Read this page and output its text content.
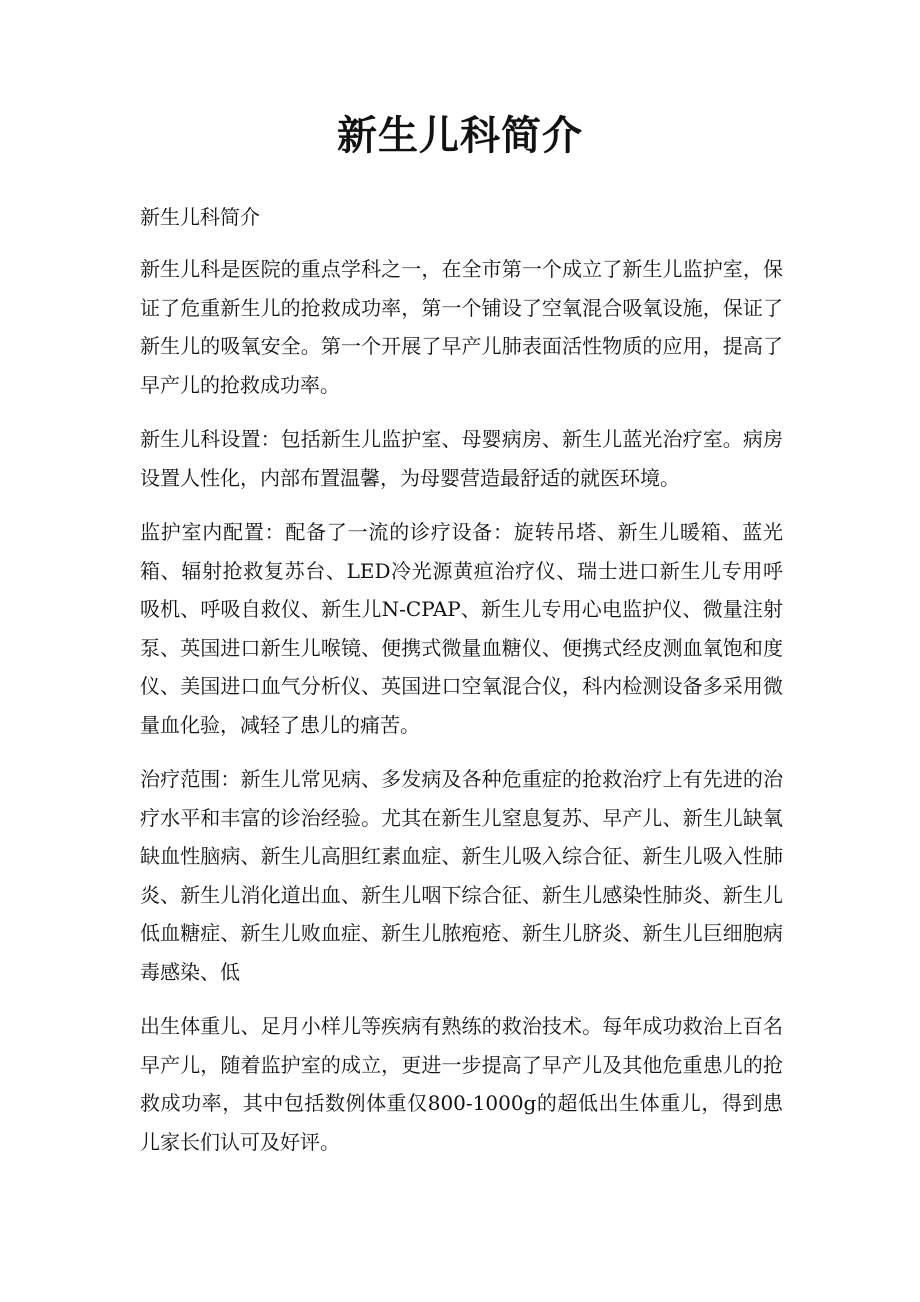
新生儿科简介

新生儿科简介

新生儿科是医院的重点学科之一，在全市第一个成立了新生儿监护室，保证了危重新生儿的抢救成功率，第一个铺设了空氧混合吸氧设施，保证了新生儿的吸氧安全。第一个开展了早产儿肺表面活性物质的应用，提高了早产儿的抢救成功率。

新生儿科设置：包括新生儿监护室、母婴病房、新生儿蓝光治疗室。病房设置人性化，内部布置温馨，为母婴营造最舒适的就医环境。

监护室内配置：配备了一流的诊疗设备：旋转吊塔、新生儿暖箱、蓝光箱、辐射抢救复苏台、LED冷光源黄疸治疗仪、瑞士进口新生儿专用呼吸机、呼吸自救仪、新生儿N-CPAP、新生儿专用心电监护仪、微量注射泵、英国进口新生儿喉镜、便携式微量血糖仪、便携式经皮测血氧饱和度仪、美国进口血气分析仪、英国进口空氧混合仪，科内检测设备多采用微量血化验，减轻了患儿的痛苦。

治疗范围：新生儿常见病、多发病及各种危重症的抢救治疗上有先进的治疗水平和丰富的诊治经验。尤其在新生儿窒息复苏、早产儿、新生儿缺氧缺血性脑病、新生儿高胆红素血症、新生儿吸入综合征、新生儿吸入性肺炎、新生儿消化道出血、新生儿咽下综合征、新生儿感染性肺炎、新生儿低血糖症、新生儿败血症、新生儿脓疱疮、新生儿脐炎、新生儿巨细胞病毒感染、低

出生体重儿、足月小样儿等疾病有熟练的救治技术。每年成功救治上百名早产儿，随着监护室的成立，更进一步提高了早产儿及其他危重患儿的抢救成功率，其中包括数例体重仅800-1000g的超低出生体重儿，得到患儿家长们认可及好评。
